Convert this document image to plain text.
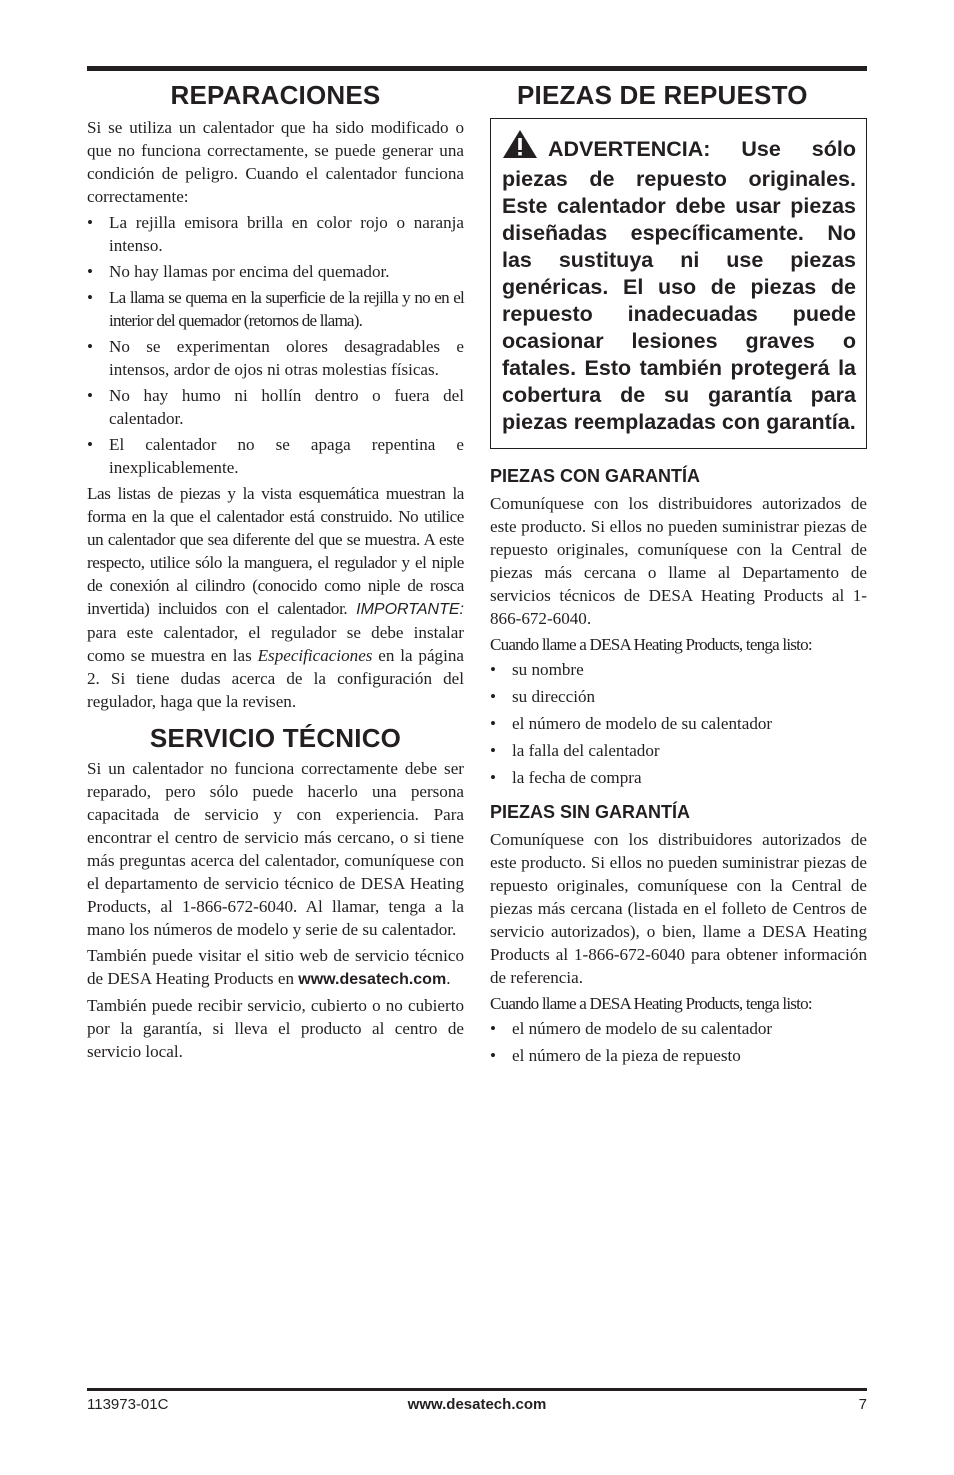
REPARACIONES

Si se utiliza un calentador que ha sido modificado o que no funciona correctamente, se puede generar una condición de peligro. Cuando el calentador funciona correctamente:

• La rejilla emisora brilla en color rojo o naranja intenso.
• No hay llamas por encima del quemador.
• La llama se quema en la superficie de la rejilla y no en el interior del quemador (retornos de llama).
• No se experimentan olores desagradables e intensos, ardor de ojos ni otras molestias físicas.
• No hay humo ni hollín dentro o fuera del calentador.
• El calentador no se apaga repentina e inexplicablemente.

Las listas de piezas y la vista esquemática muestran la forma en la que el calentador está construido. No utilice un calentador que sea diferente del que se muestra. A este respecto, utilice sólo la manguera, el regulador y el niple de conexión al cilindro (conocido como niple de rosca invertida) incluidos con el calentador. IMPORTANTE: para este calentador, el regulador se debe instalar como se muestra en las Especificaciones en la página 2. Si tiene dudas acerca de la configuración del regulador, haga que la revisen.

SERVICIO TÉCNICO

Si un calentador no funciona correctamente debe ser reparado, pero sólo puede hacerlo una persona capacitada de servicio y con experiencia. Para encontrar el centro de servicio más cercano, o si tiene más preguntas acerca del calentador, comuníquese con el departamento de servicio técnico de DESA Heating Products, al 1-866-672-6040. Al llamar, tenga a la mano los números de modelo y serie de su calentador.

También puede visitar el sitio web de servicio técnico de DESA Heating Products en www.desatech.com.

También puede recibir servicio, cubierto o no cubierto por la garantía, si lleva el producto al centro de servicio local.

PIEZAS DE REPUESTO
ADVERTENCIA: Use sólo piezas de repuesto originales. Este calentador debe usar piezas diseñadas específicamente. No las sustituya ni use piezas genéricas. El uso de piezas de repuesto inadecuadas puede ocasionar lesiones graves o fatales. Esto también protegerá la cobertura de su garantía para piezas reemplazadas con garantía.
PIEZAS CON GARANTÍA

Comuníquese con los distribuidores autorizados de este producto. Si ellos no pueden suministrar piezas de repuesto originales, comuníquese con la Central de piezas más cercana o llame al Departamento de servicios técnicos de DESA Heating Products al 1-866-672-6040.

Cuando llame a DESA Heating Products, tenga listo:

• su nombre
• su dirección
• el número de modelo de su calentador
• la falla del calentador
• la fecha de compra
PIEZAS SIN GARANTÍA

Comuníquese con los distribuidores autorizados de este producto. Si ellos no pueden suministrar piezas de repuesto originales, comuníquese con la Central de piezas más cercana (listada en el folleto de Centros de servicio autorizados), o bien, llame a DESA Heating Products al 1-866-672-6040 para obtener información de referencia.

Cuando llame a DESA Heating Products, tenga listo:

• el número de modelo de su calentador
• el número de la pieza de repuesto
113973-01C	www.desatech.com	7
